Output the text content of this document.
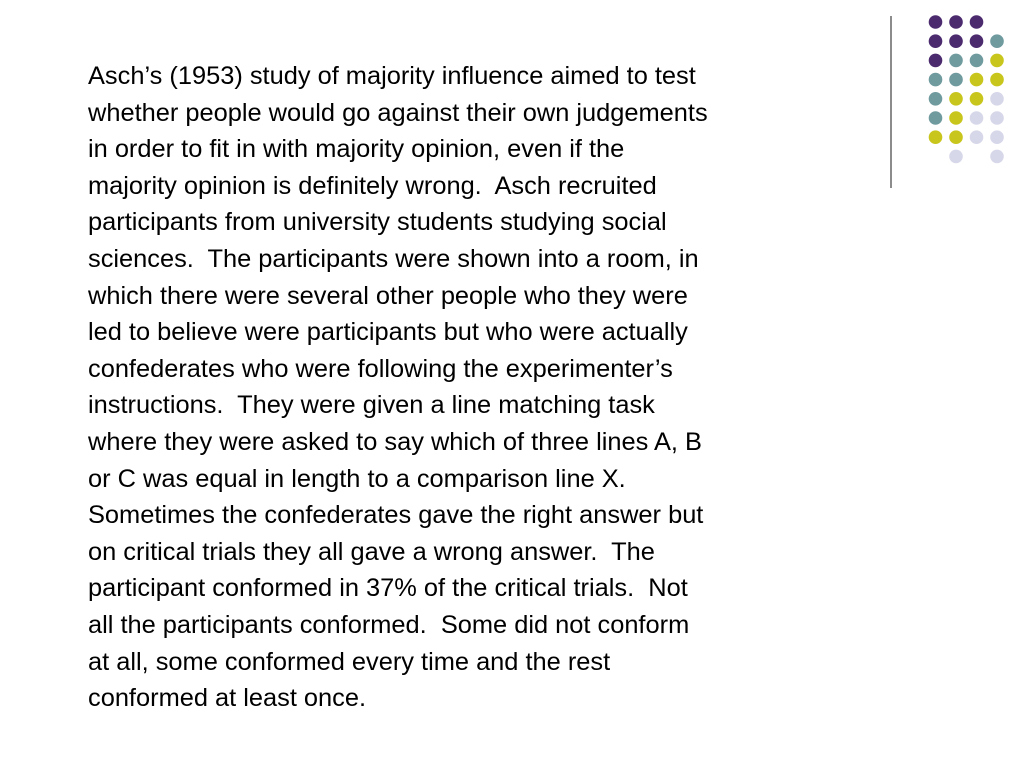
Asch’s (1953) study of majority influence aimed to test
whether people would go against their own judgements
in order to fit in with majority opinion, even if the
majority opinion is definitely wrong.  Asch recruited
participants from university students studying social
sciences.  The participants were shown into a room, in
which there were several other people who they were
led to believe were participants but who were actually
confederates who were following the experimenter’s
instructions.  They were given a line matching task
where they were asked to say which of three lines A, B
or C was equal in length to a comparison line X.
Sometimes the confederates gave the right answer but
on critical trials they all gave a wrong answer.  The
participant conformed in 37% of the critical trials.  Not
all the participants conformed.  Some did not conform
at all, some conformed every time and the rest
conformed at least once.
